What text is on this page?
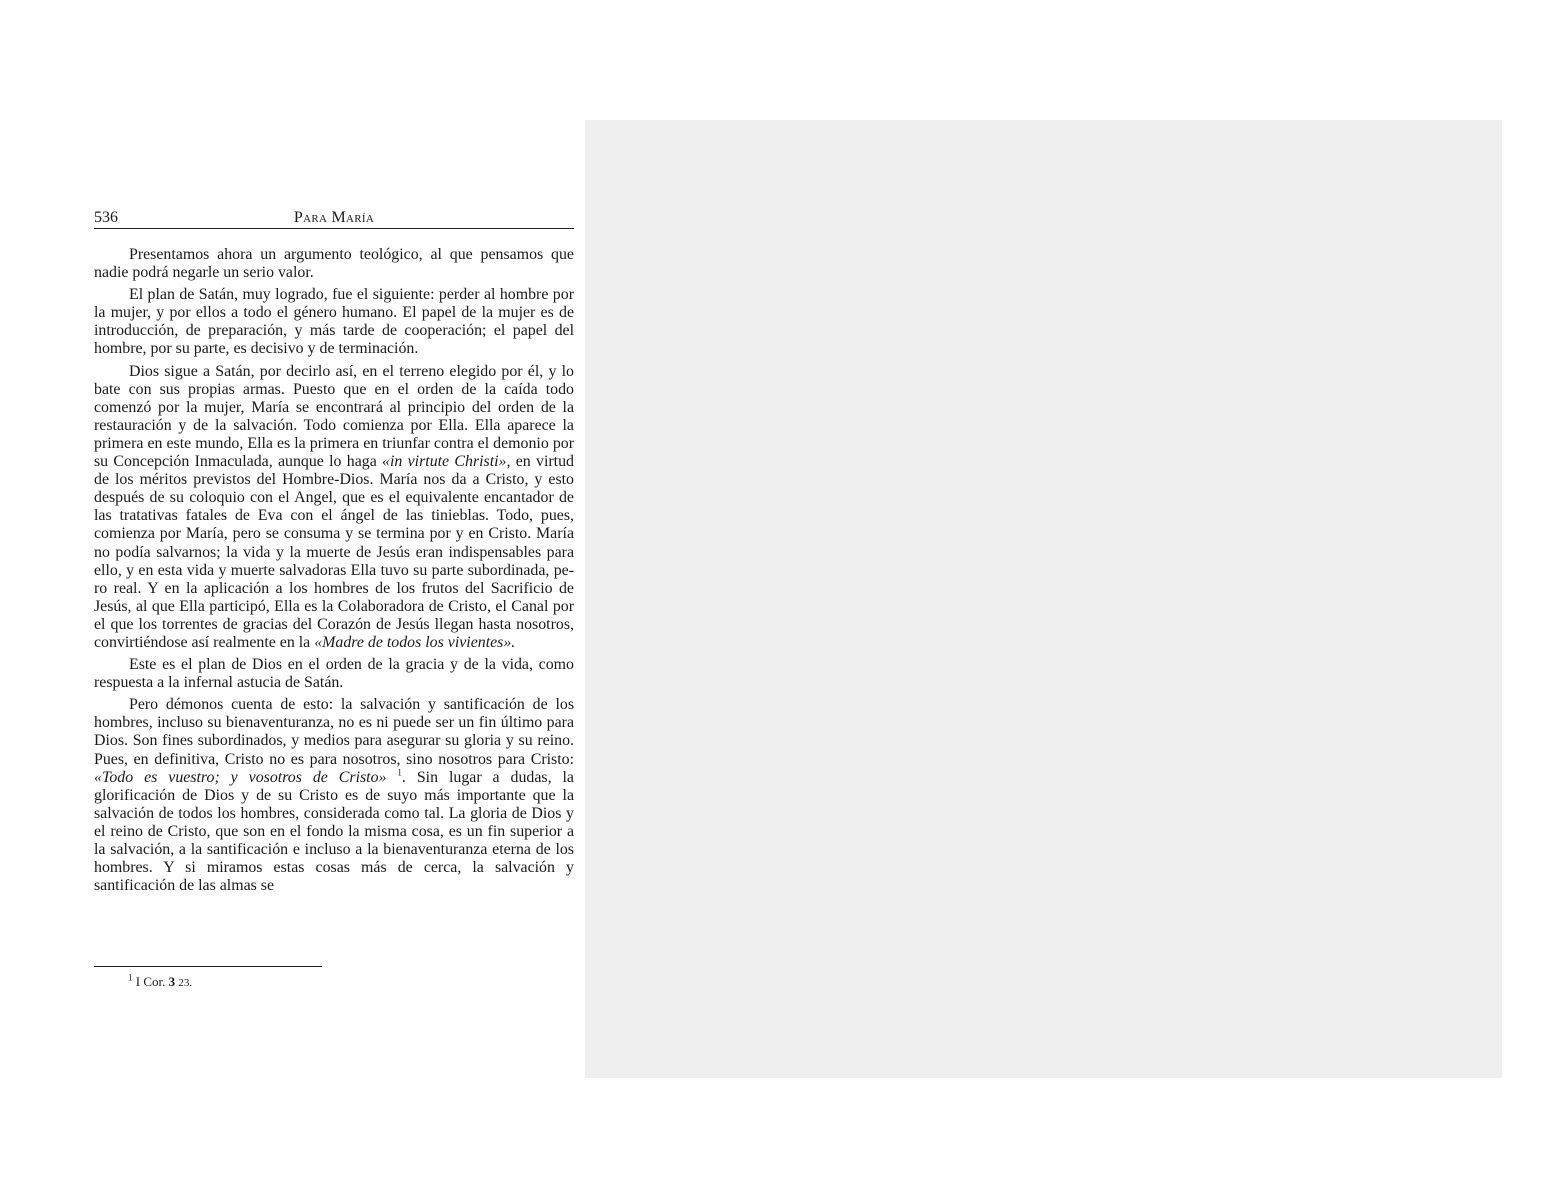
536	Para María

Presentamos ahora un argumento teológico, al que pensamos que nadie podrá negarle un serio valor.

El plan de Satán, muy logrado, fue el siguiente: perder al hombre por la mujer, y por ellos a todo el género humano. El papel de la mujer es de introducción, de preparación, y más tarde de cooperación; el papel del hombre, por su parte, es decisivo y de terminación.

Dios sigue a Satán, por decirlo así, en el terreno elegido por él, y lo bate con sus propias armas. Puesto que en el orden de la caída todo comenzó por la mujer, María se encontrará al principio del orden de la restauración y de la salvación. Todo comienza por Ella. Ella aparece la primera en este mundo, Ella es la primera en triunfar contra el demonio por su Concepción Inmaculada, aunque lo haga «in virtute Christi», en virtud de los méritos previstos del Hombre-Dios. María nos da a Cristo, y esto después de su coloquio con el Angel, que es el equivalente encantador de las tratativas fatales de Eva con el ángel de las tinieblas. Todo, pues, comienza por María, pero se consuma y se termina por y en Cristo. María no podía salvarnos; la vida y la muerte de Jesús eran indispensables para ello, y en esta vida y muerte salvadoras Ella tuvo su parte subordinada, pero real. Y en la aplicación a los hombres de los frutos del Sacrificio de Jesús, al que Ella participó, Ella es la Colaboradora de Cristo, el Canal por el que los torrentes de gracias del Corazón de Jesús llegan hasta nosotros, convirtiéndose así realmente en la «Madre de todos los vivientes».

Este es el plan de Dios en el orden de la gracia y de la vida, como respuesta a la infernal astucia de Satán.

Pero démonos cuenta de esto: la salvación y santificación de los hombres, incluso su bienaventuranza, no es ni puede ser un fin último para Dios. Son fines subordinados, y medios para asegurar su gloria y su reino. Pues, en definitiva, Cristo no es para nosotros, sino nosotros para Cristo: «Todo es vuestro; y vosotros de Cristo» $^1$. Sin lugar a dudas, la glorificación de Dios y de su Cristo es de suyo más importante que la salvación de todos los hombres, considerada como tal. La gloria de Dios y el reino de Cristo, que son en el fondo la misma cosa, es un fin superior a la salvación, a la santificación e incluso a la bienaventuranza eterna de los hombres. Y si miramos estas cosas más de cerca, la salvación y santificación de las almas se

$^1$ I Cor. 3 23.
